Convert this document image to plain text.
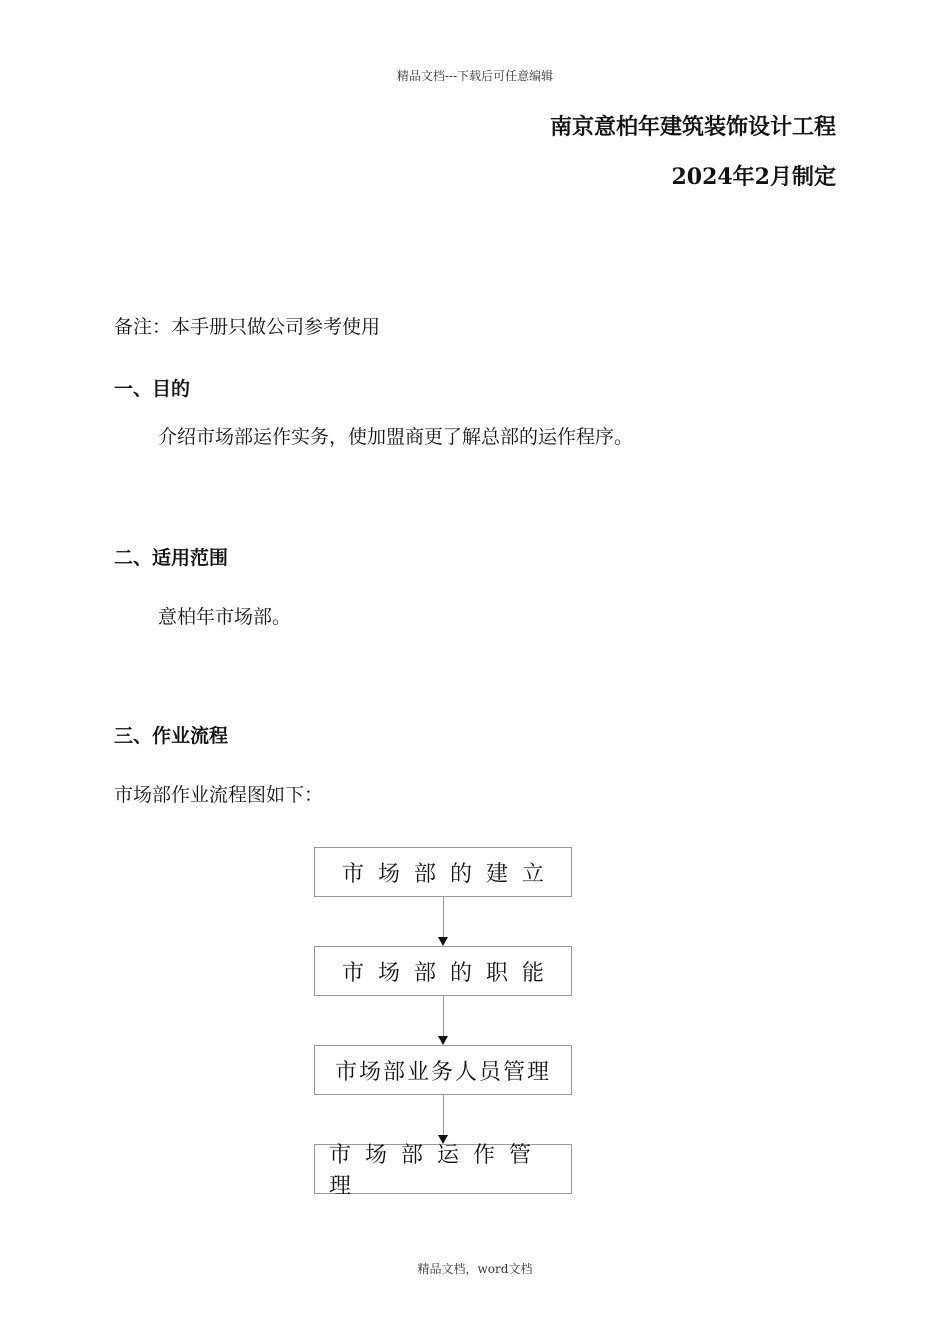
精品文档---下载后可任意编辑
南京意柏年建筑装饰设计工程
2024年2月制定
备注：本手册只做公司参考使用
一、目的
介绍市场部运作实务，使加盟商更了解总部的运作程序。
二、适用范围
意柏年市场部。
三、作业流程
市场部作业流程图如下：
市场部的建立
市场部的职能
市场部业务人员管理
市场部运作管理
精品文档，word文档
